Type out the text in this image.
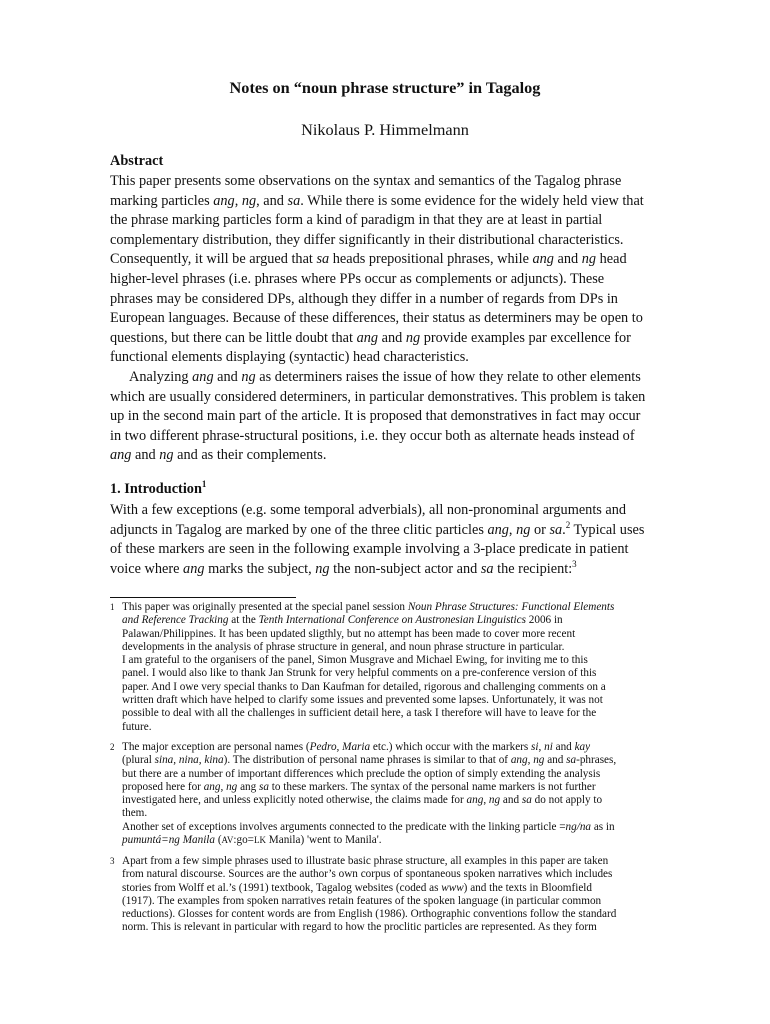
Notes on “noun phrase structure” in Tagalog
Nikolaus P. Himmelmann
Abstract
This paper presents some observations on the syntax and semantics of the Tagalog phrase
marking particles ang, ng, and sa. While there is some evidence for the widely held view that
the phrase marking particles form a kind of paradigm in that they are at least in partial
complementary distribution, they differ significantly in their distributional characteristics.
Consequently, it will be argued that sa heads prepositional phrases, while ang and ng head
higher-level phrases (i.e. phrases where PPs occur as complements or adjuncts). These
phrases may be considered DPs, although they differ in a number of regards from DPs in
European languages. Because of these differences, their status as determiners may be open to
questions, but there can be little doubt that ang and ng provide examples par excellence for
functional elements displaying (syntactic) head characteristics.
Analyzing ang and ng as determiners raises the issue of how they relate to other elements
which are usually considered determiners, in particular demonstratives. This problem is taken
up in the second main part of the article. It is proposed that demonstratives in fact may occur
in two different phrase-structural positions, i.e. they occur both as alternate heads instead of
ang and ng and as their complements.
1. Introduction$^1$
With a few exceptions (e.g. some temporal adverbials), all non-pronominal arguments and
adjuncts in Tagalog are marked by one of the three clitic particles ang, ng or sa.$^2$ Typical uses
of these markers are seen in the following example involving a 3-place predicate in patient
voice where ang marks the subject, ng the non-subject actor and sa the recipient:$^3$
1 This paper was originally presented at the special panel session Noun Phrase Structures: Functional Elements
and Reference Tracking at the Tenth International Conference on Austronesian Linguistics 2006 in
Palawan/Philippines. It has been updated sligthly, but no attempt has been made to cover more recent
developments in the analysis of phrase structure in general, and noun phrase structure in particular.
I am grateful to the organisers of the panel, Simon Musgrave and Michael Ewing, for inviting me to this
panel. I would also like to thank Jan Strunk for very helpful comments on a pre-conference version of this
paper. And I owe very special thanks to Dan Kaufman for detailed, rigorous and challenging comments on a
written draft which have helped to clarify some issues and prevented some lapses. Unfortunately, it was not
possible to deal with all the challenges in sufficient detail here, a task I therefore will have to leave for the
future.
2 The major exception are personal names (Pedro, Maria etc.) which occur with the markers si, ni and kay
(plural sina, nina, kina). The distribution of personal name phrases is similar to that of ang, ng and sa-phrases,
but there are a number of important differences which preclude the option of simply extending the analysis
proposed here for ang, ng ang sa to these markers. The syntax of the personal name markers is not further
investigated here, and unless explicitly noted otherwise, the claims made for ang, ng and sa do not apply to
them.
Another set of exceptions involves arguments connected to the predicate with the linking particle =ng/na as in
pumuntá=ng Manila (AV:go=LK Manila) 'went to Manila'.
3 Apart from a few simple phrases used to illustrate basic phrase structure, all examples in this paper are taken
from natural discourse. Sources are the author’s own corpus of spontaneous spoken narratives which includes
stories from Wolff et al.’s (1991) textbook, Tagalog websites (coded as www) and the texts in Bloomfield
(1917). The examples from spoken narratives retain features of the spoken language (in particular common
reductions). Glosses for content words are from English (1986). Orthographic conventions follow the standard
norm. This is relevant in particular with regard to how the proclitic particles are represented. As they form
